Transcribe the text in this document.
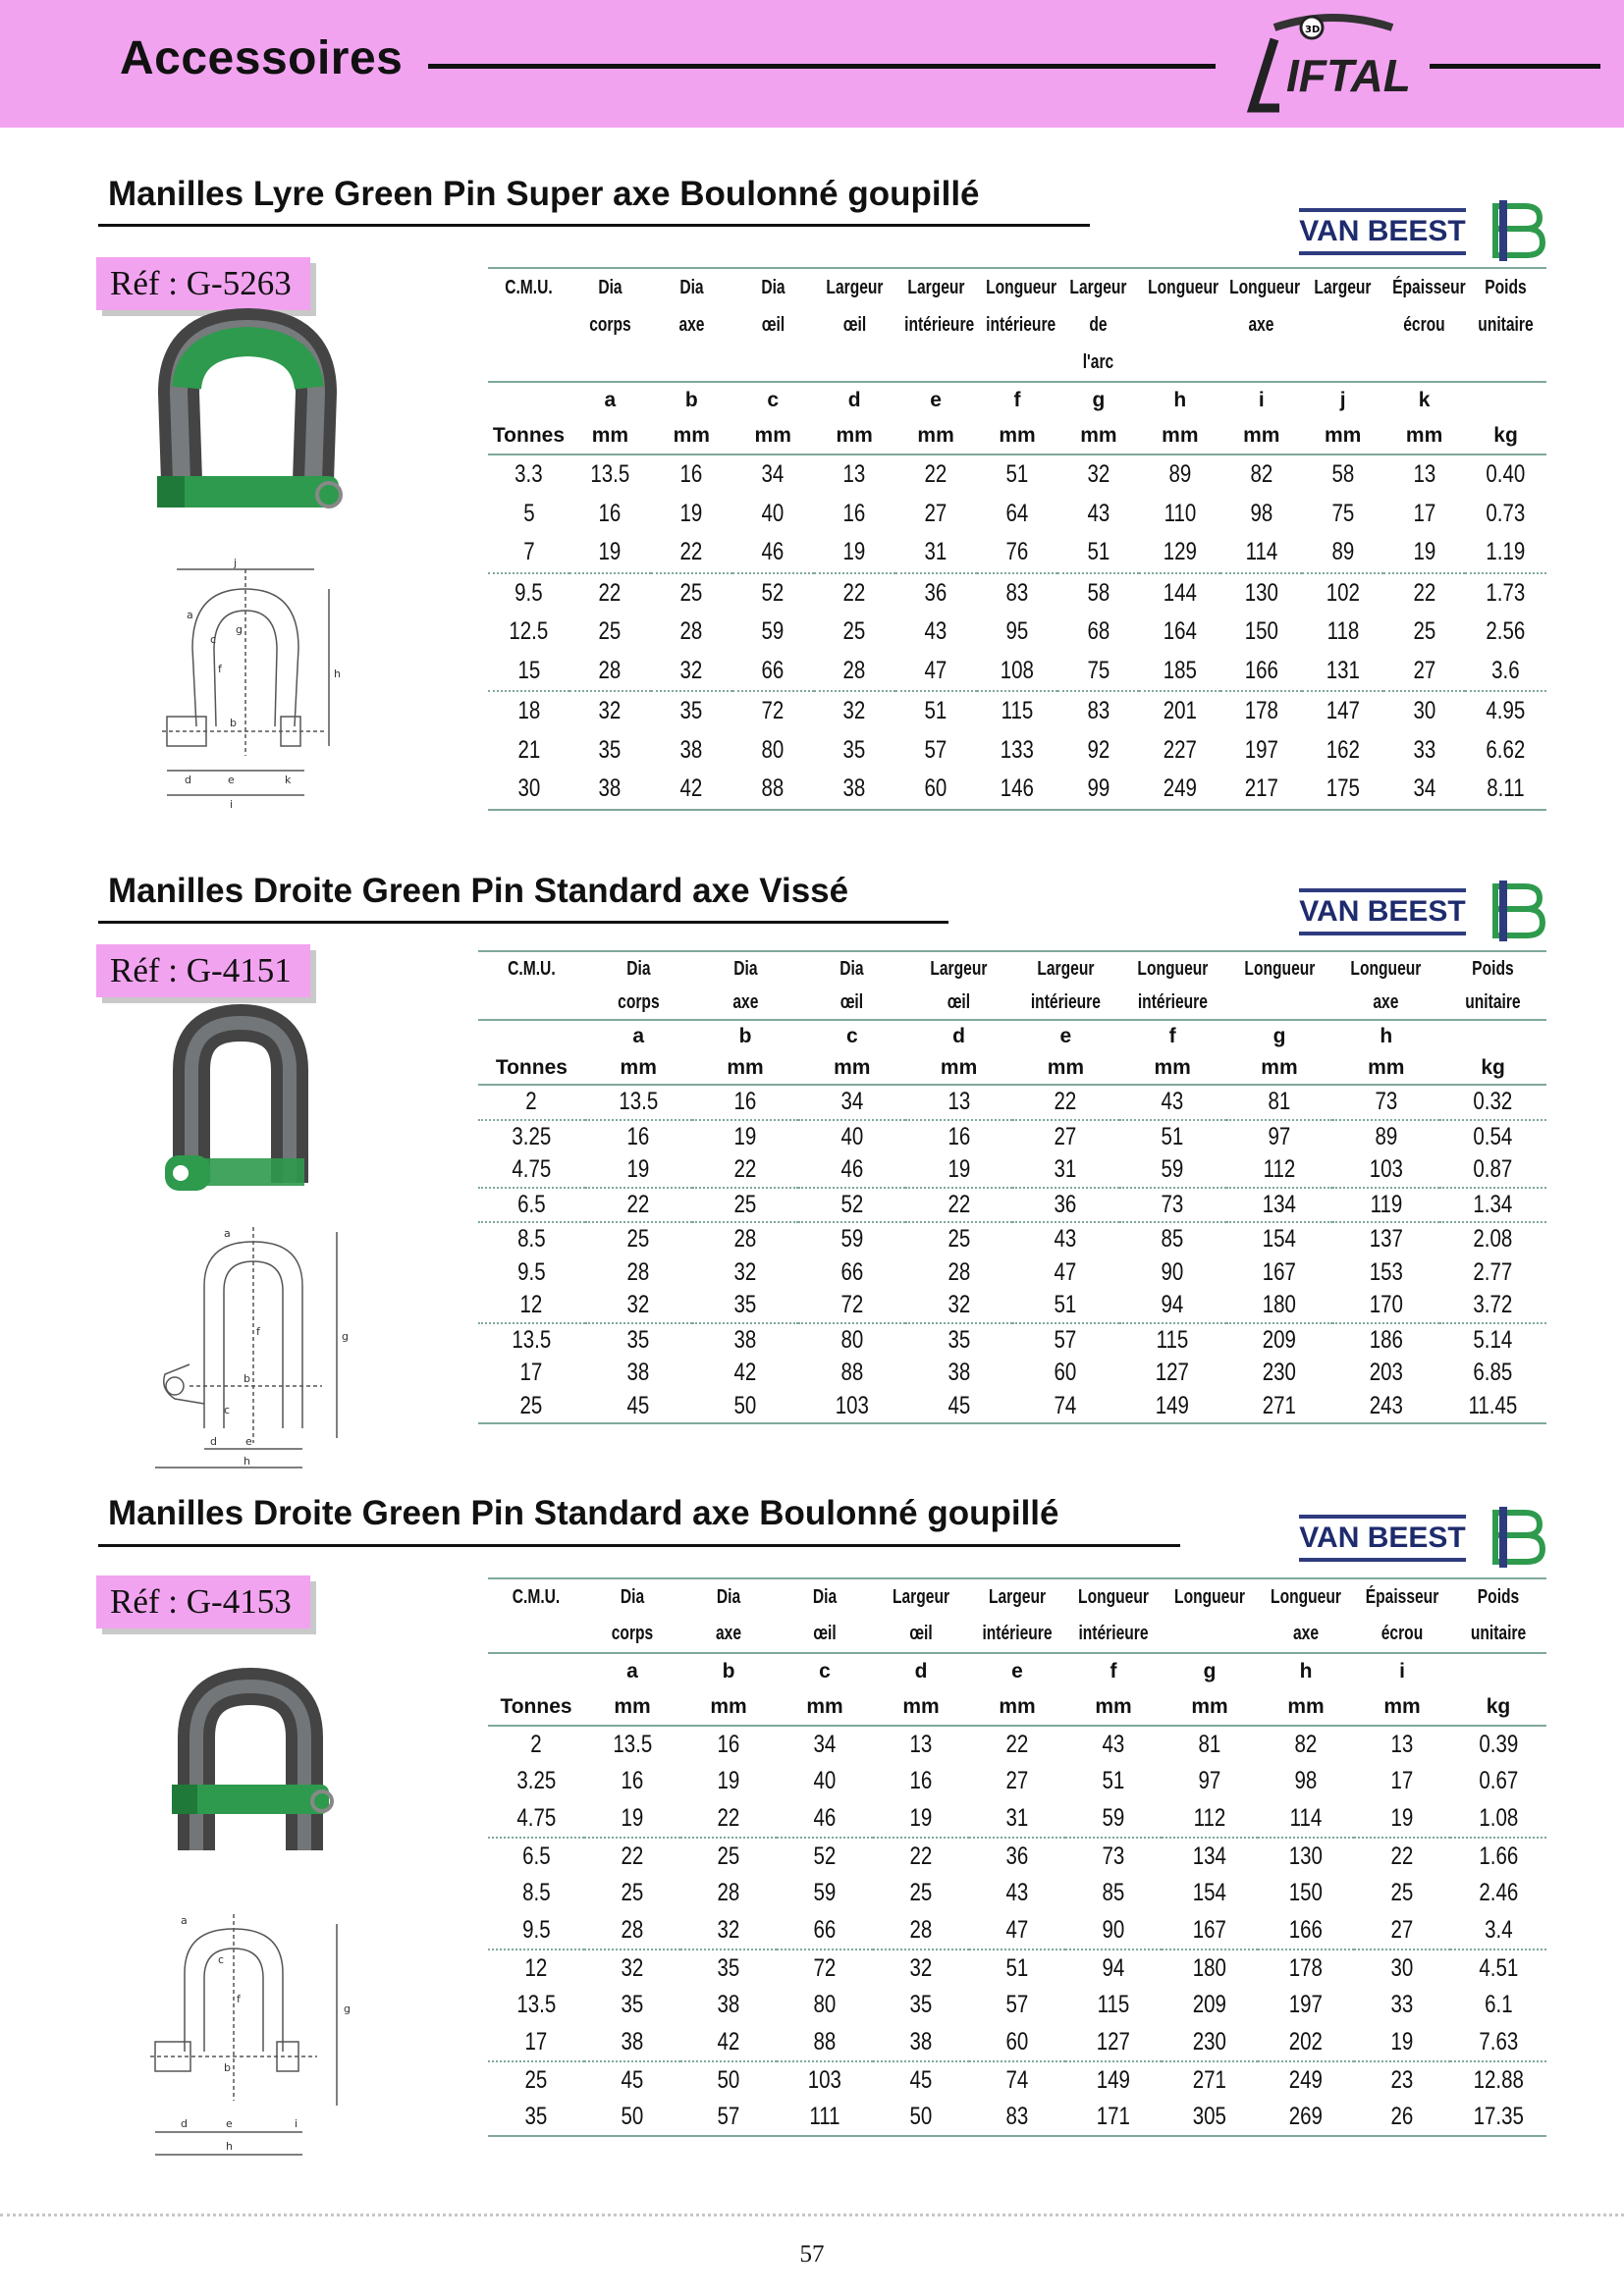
Accessoires
3D
L
IFTAL
Manilles Lyre Green Pin Super axe Boulonné goupillé
VAN BEEST
Réf : G-5263
j
a
g
c
f	h
b
d	e	k
i
C.M.U.	Dia	Dia	Dia	Largeur	Largeur	Longueur	Largeur	Longueur	Longueur	Largeur	Épaisseur	Poids
	corps	axe	œil	œil	intérieure	intérieure	de		axe		écrou	unitaire
							l'arc					
	a	b	c	d	e	f	g	h	i	j	k	
Tonnes	mm	mm	mm	mm	mm	mm	mm	mm	mm	mm	mm	kg
3.3	13.5	16	34	13	22	51	32	89	82	58	13	0.40
5	16	19	40	16	27	64	43	110	98	75	17	0.73
7	19	22	46	19	31	76	51	129	114	89	19	1.19
9.5	22	25	52	22	36	83	58	144	130	102	22	1.73
12.5	25	28	59	25	43	95	68	164	150	118	25	2.56
15	28	32	66	28	47	108	75	185	166	131	27	3.6
18	32	35	72	32	51	115	83	201	178	147	30	4.95
21	35	38	80	35	57	133	92	227	197	162	33	6.62
30	38	42	88	38	60	146	99	249	217	175	34	8.11
Manilles Droite Green Pin Standard axe Vissé
VAN BEEST
Réf : G-4151
a
f	g
b
c
d	e
h
C.M.U.	Dia	Dia	Dia	Largeur	Largeur	Longueur	Longueur	Longueur	Poids
	corps	axe	œil	œil	intérieure	intérieure		axe	unitaire
	a	b	c	d	e	f	g	h	
Tonnes	mm	mm	mm	mm	mm	mm	mm	mm	kg
2	13.5	16	34	13	22	43	81	73	0.32
3.25	16	19	40	16	27	51	97	89	0.54
4.75	19	22	46	19	31	59	112	103	0.87
6.5	22	25	52	22	36	73	134	119	1.34
8.5	25	28	59	25	43	85	154	137	2.08
9.5	28	32	66	28	47	90	167	153	2.77
12	32	35	72	32	51	94	180	170	3.72
13.5	35	38	80	35	57	115	209	186	5.14
17	38	42	88	38	60	127	230	203	6.85
25	45	50	103	45	74	149	271	243	11.45
Manilles Droite Green Pin Standard axe Boulonné goupillé
VAN BEEST
Réf : G-4153
a
c
f
g
b
d	e	i
h
C.M.U.	Dia	Dia	Dia	Largeur	Largeur	Longueur	Longueur	Longueur	Épaisseur	Poids
	corps	axe	œil	œil	intérieure	intérieure		axe	écrou	unitaire
	a	b	c	d	e	f	g	h	i	
Tonnes	mm	mm	mm	mm	mm	mm	mm	mm	mm	kg
2	13.5	16	34	13	22	43	81	82	13	0.39
3.25	16	19	40	16	27	51	97	98	17	0.67
4.75	19	22	46	19	31	59	112	114	19	1.08
6.5	22	25	52	22	36	73	134	130	22	1.66
8.5	25	28	59	25	43	85	154	150	25	2.46
9.5	28	32	66	28	47	90	167	166	27	3.4
12	32	35	72	32	51	94	180	178	30	4.51
13.5	35	38	80	35	57	115	209	197	33	6.1
17	38	42	88	38	60	127	230	202	19	7.63
25	45	50	103	45	74	149	271	249	23	12.88
35	50	57	111	50	83	171	305	269	26	17.35
57
